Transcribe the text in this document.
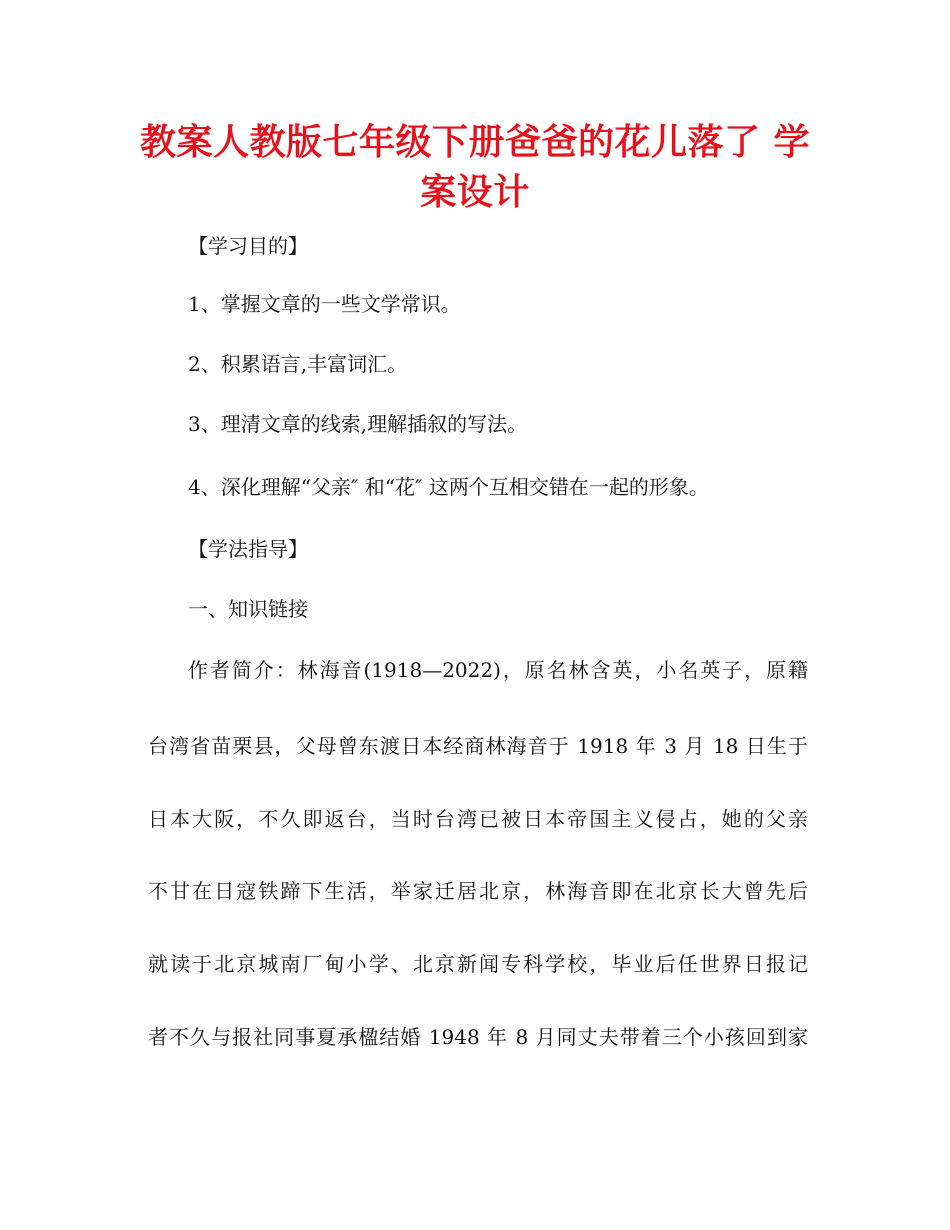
教案人教版七年级下册爸爸的花儿落了 学案设计
【学习目的】
1、掌握文章的一些文学常识。
2、积累语言,丰富词汇。
3、理清文章的线索,理解插叙的写法。
4、深化理解“父亲″ 和“花″ 这两个互相交错在一起的形象。
【学法指导】
一、知识链接
作者简介：林海音(1918—2022)，原名林含英，小名英子，原籍
台湾省苗栗县，父母曾东渡日本经商林海音于 1918 年 3 月 18 日生于
日本大阪，不久即返台，当时台湾已被日本帝国主义侵占，她的父亲
不甘在日寇铁蹄下生活，举家迁居北京，林海音即在北京长大曾先后
就读于北京城南厂甸小学、北京新闻专科学校，毕业后任世界日报记
者不久与报社同事夏承楹结婚 1948 年 8 月同丈夫带着三个小孩回到家
